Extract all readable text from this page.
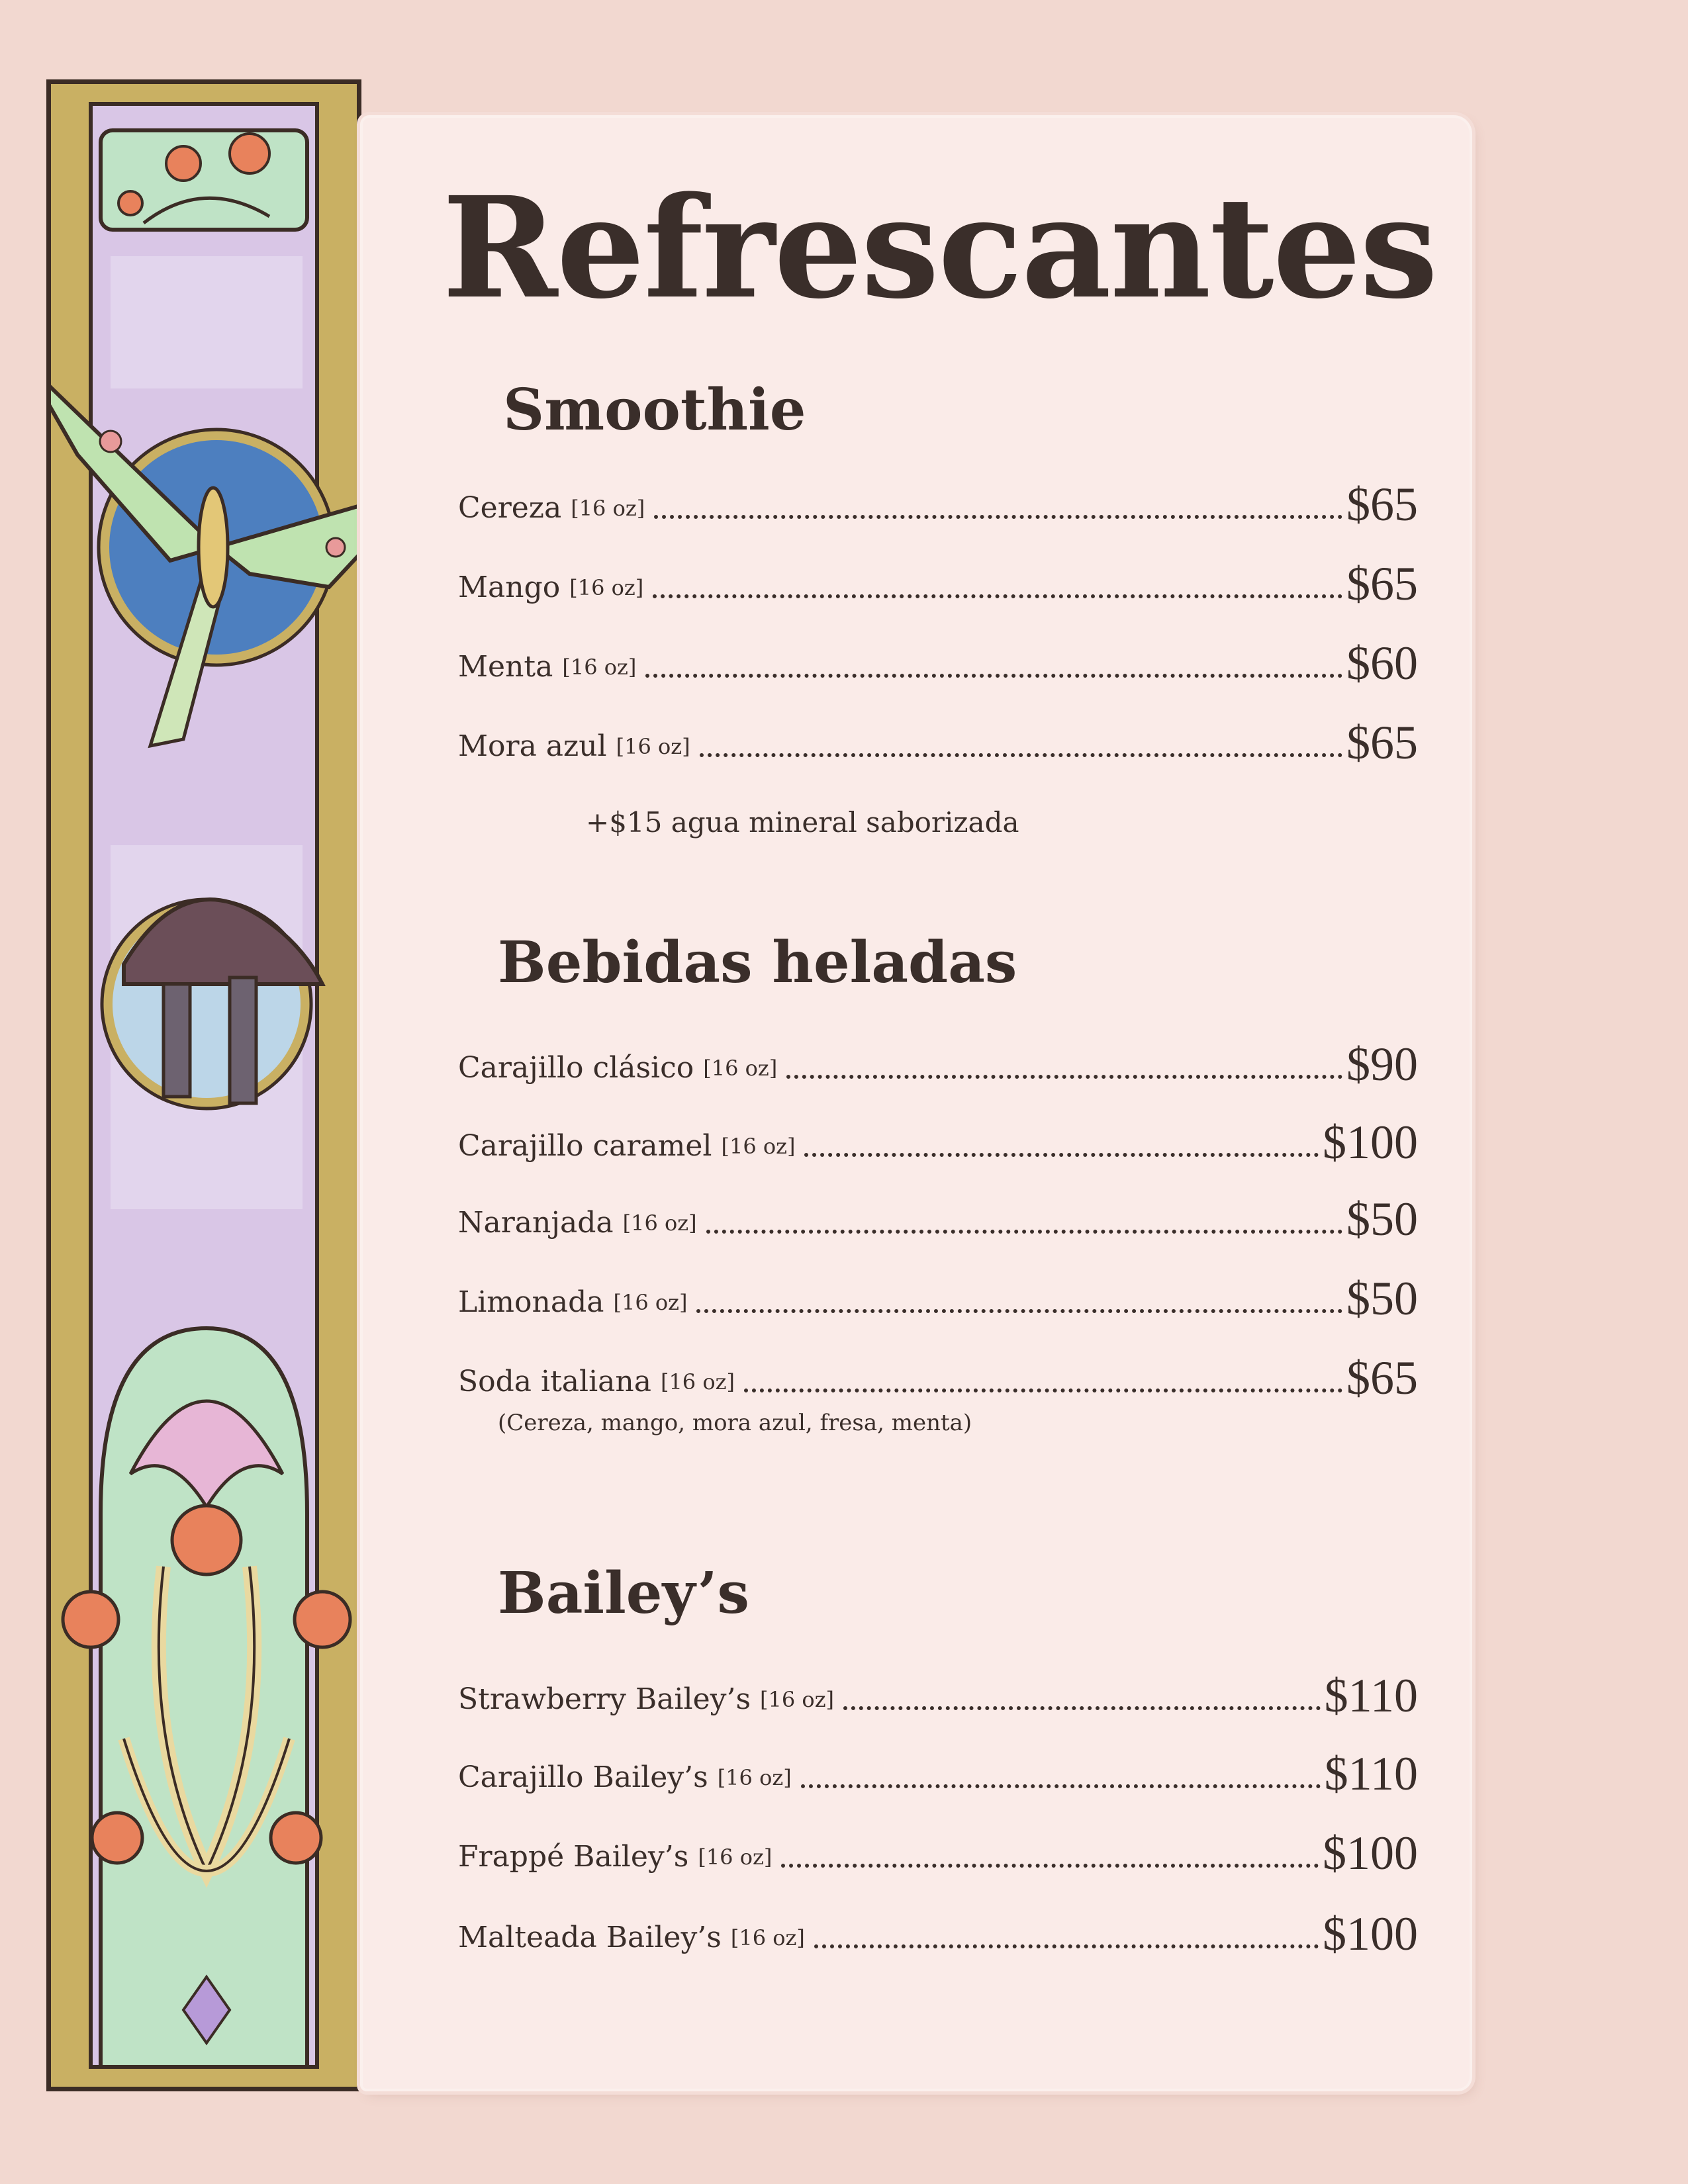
Refrescantes
Smoothie
Cereza [16 oz]	$65
Mango [16 oz]	$65
Menta [16 oz]	$60
Mora azul [16 oz]	$65
+$15 agua mineral saborizada
Bebidas heladas
Carajillo clásico [16 oz]	$90
Carajillo caramel [16 oz]	$100
Naranjada [16 oz]	$50
Limonada [16 oz]	$50
Soda italiana [16 oz]	$65
(Cereza, mango, mora azul, fresa, menta)
Bailey’s
Strawberry Bailey’s [16 oz]	$110
Carajillo Bailey’s [16 oz]	$110
Frappé Bailey’s [16 oz]	$100
Malteada Bailey’s [16 oz]	$100
